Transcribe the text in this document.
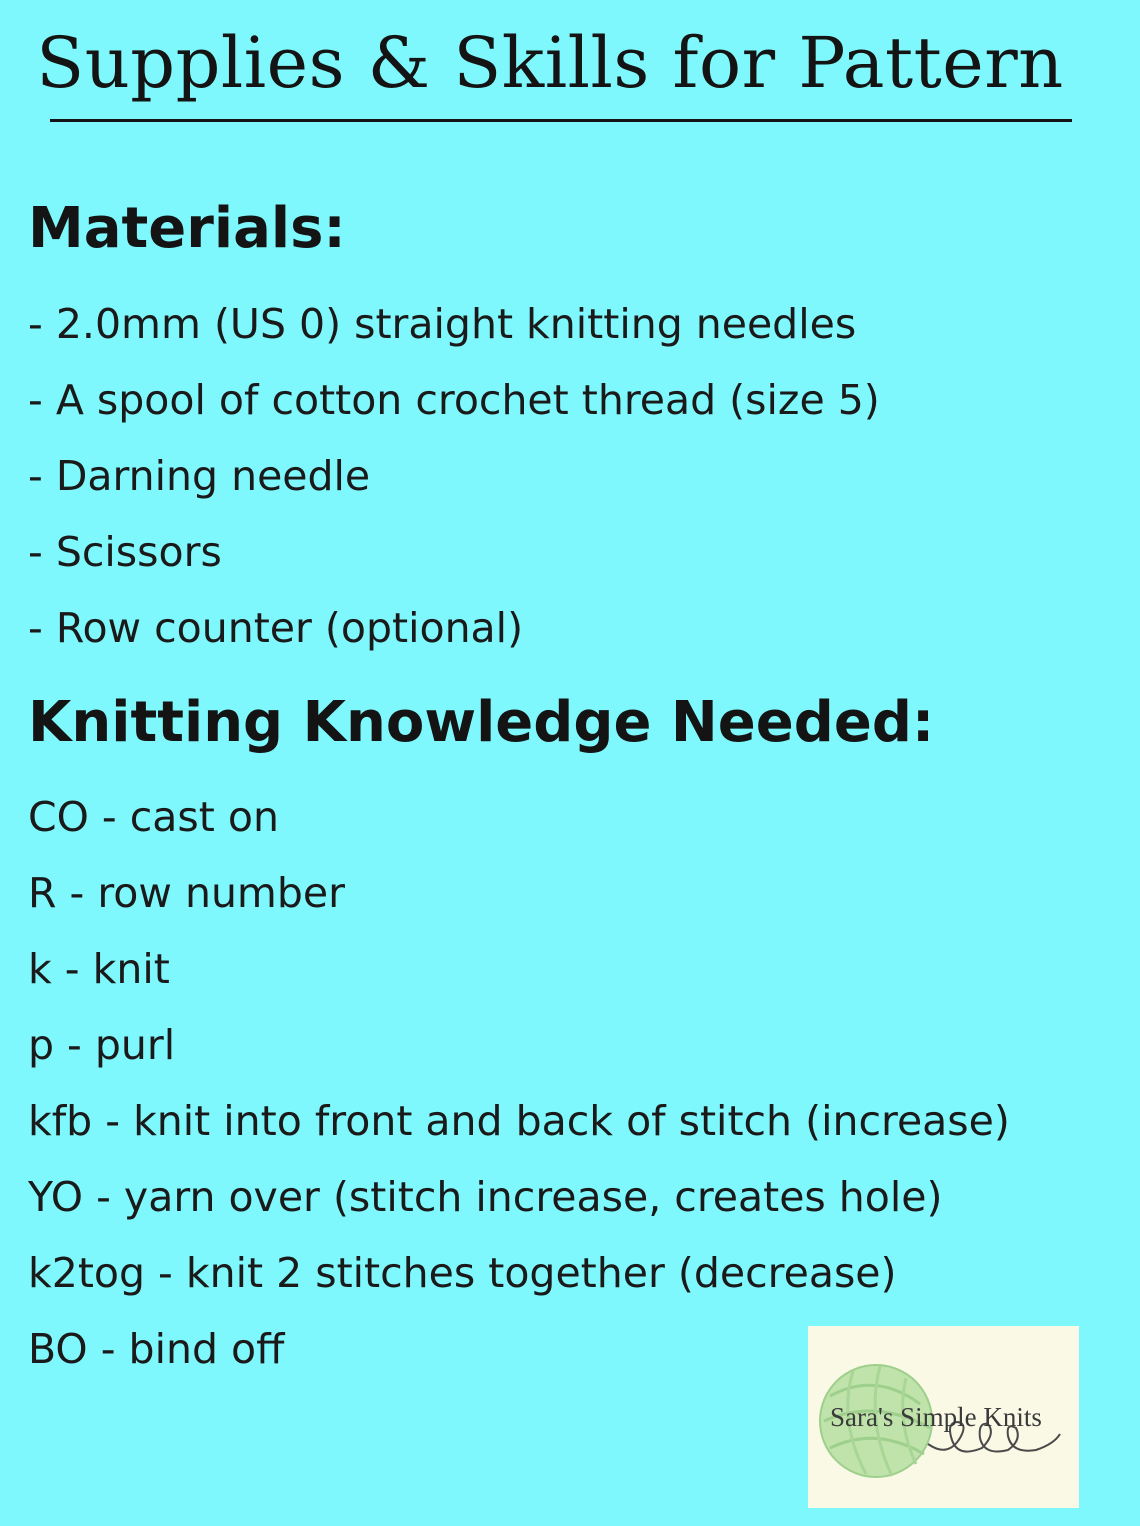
Supplies & Skills for Pattern
Materials:
- 2.0mm (US 0) straight knitting needles
- A spool of cotton crochet thread (size 5)
- Darning needle
- Scissors
- Row counter (optional)
Knitting Knowledge Needed:
CO - cast on
R - row number
k - knit
p - purl
kfb - knit into front and back of stitch (increase)
YO - yarn over (stitch increase, creates hole)
k2tog - knit 2 stitches together (decrease)
BO - bind off
Sara's Simple Knits
